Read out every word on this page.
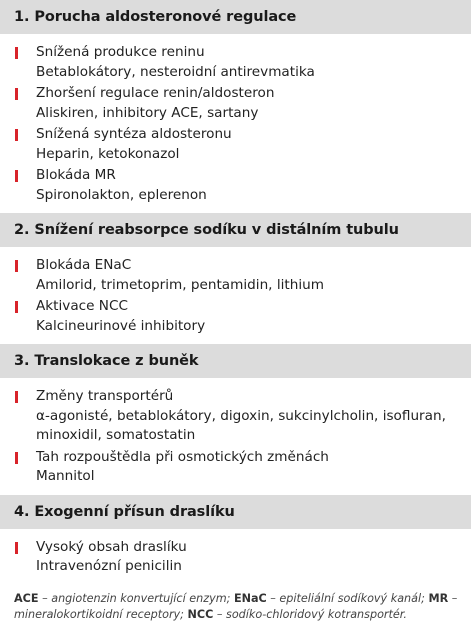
1. Porucha aldosteronové regulace
Snížená produkce reninu
Betablokátory, nesteroidní antirevmatika
Zhoršení regulace renin/aldosteron
Aliskiren, inhibitory ACE, sartany
Snížená syntéza aldosteronu
Heparin, ketokonazol
Blokáda MR
Spironolakton, eplerenon
2. Snížení reabsorpce sodíku v distálním tubulu
Blokáda ENaC
Amilorid, trimetoprim, pentamidin, lithium
Aktivace NCC
Kalcineurinové inhibitory
3. Translokace z buněk
Změny transportérů
α-agonisté, betablokátory, digoxin, sukcinylcholin, isofluran, minoxidil, somatostatin
Tah rozpouštědla při osmotických změnách
Mannitol
4. Exogenní přísun draslíku
Vysoký obsah draslíku
Intravenózní penicilin
ACE – angiotenzin konvertující enzym; ENaC – epiteliální sodíkový kanál; MR – mineralokortikoidní receptory; NCC – sodíko-chloridový kotransportér.
